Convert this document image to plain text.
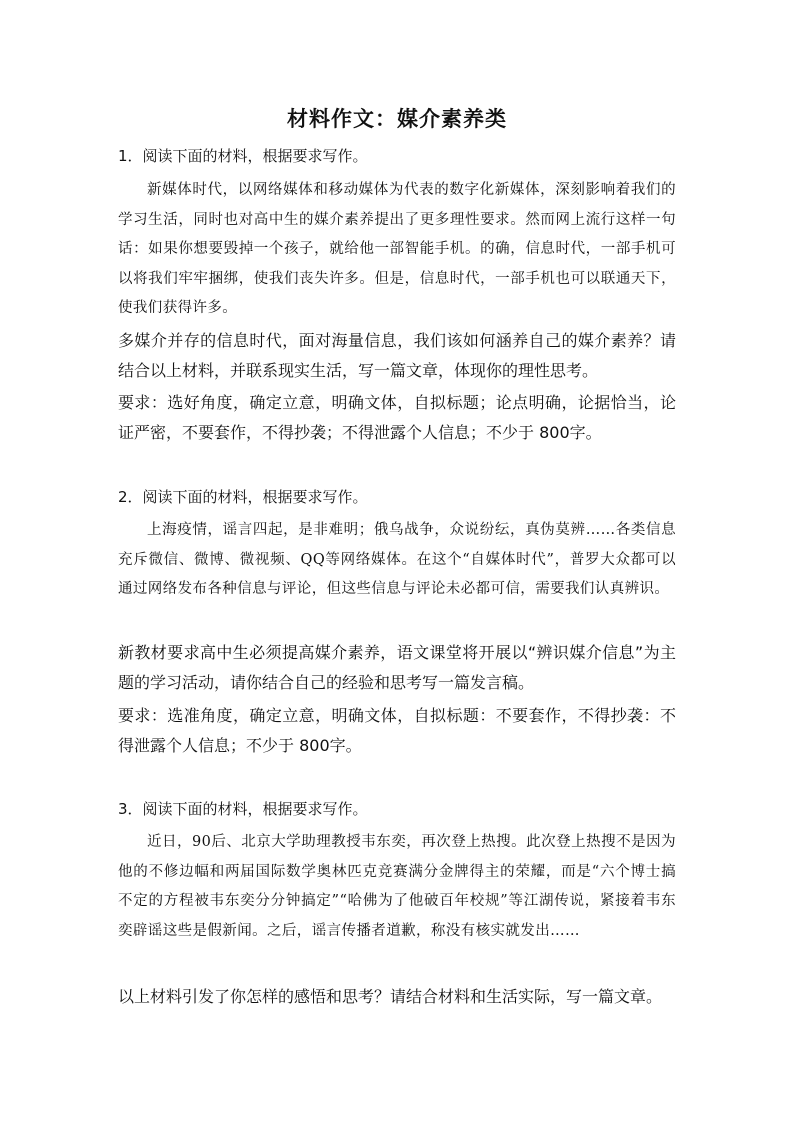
材料作文：媒介素养类
1．阅读下面的材料，根据要求写作。
新媒体时代，以网络媒体和移动媒体为代表的数字化新媒体，深刻影响着我们的学习生活，同时也对高中生的媒介素养提出了更多理性要求。然而网上流行这样一句话：如果你想要毁掉一个孩子，就给他一部智能手机。的确，信息时代，一部手机可以将我们牢牢捆绑，使我们丧失许多。但是，信息时代，一部手机也可以联通天下，使我们获得许多。
多媒介并存的信息时代，面对海量信息，我们该如何涵养自己的媒介素养？请结合以上材料，并联系现实生活，写一篇文章，体现你的理性思考。
要求：选好角度，确定立意，明确文体，自拟标题；论点明确，论据恰当，论证严密，不要套作，不得抄袭；不得泄露个人信息；不少于 800字。
2．阅读下面的材料，根据要求写作。
上海疫情，谣言四起，是非难明；俄乌战争，众说纷纭，真伪莫辨……各类信息充斥微信、微博、微视频、QQ等网络媒体。在这个“自媒体时代”，普罗大众都可以通过网络发布各种信息与评论，但这些信息与评论未必都可信，需要我们认真辨识。
新教材要求高中生必须提高媒介素养，语文课堂将开展以“辨识媒介信息”为主题的学习活动，请你结合自己的经验和思考写一篇发言稿。
要求：选准角度，确定立意，明确文体，自拟标题：不要套作，不得抄袭：不得泄露个人信息；不少于 800字。
3．阅读下面的材料，根据要求写作。
近日，90后、北京大学助理教授韦东奕，再次登上热搜。此次登上热搜不是因为他的不修边幅和两届国际数学奥林匹克竞赛满分金牌得主的荣耀，而是“六个博士搞不定的方程被韦东奕分分钟搞定”“哈佛为了他破百年校规”等江湖传说，紧接着韦东奕辟谣这些是假新闻。之后，谣言传播者道歉，称没有核实就发出……
以上材料引发了你怎样的感悟和思考？请结合材料和生活实际，写一篇文章。
